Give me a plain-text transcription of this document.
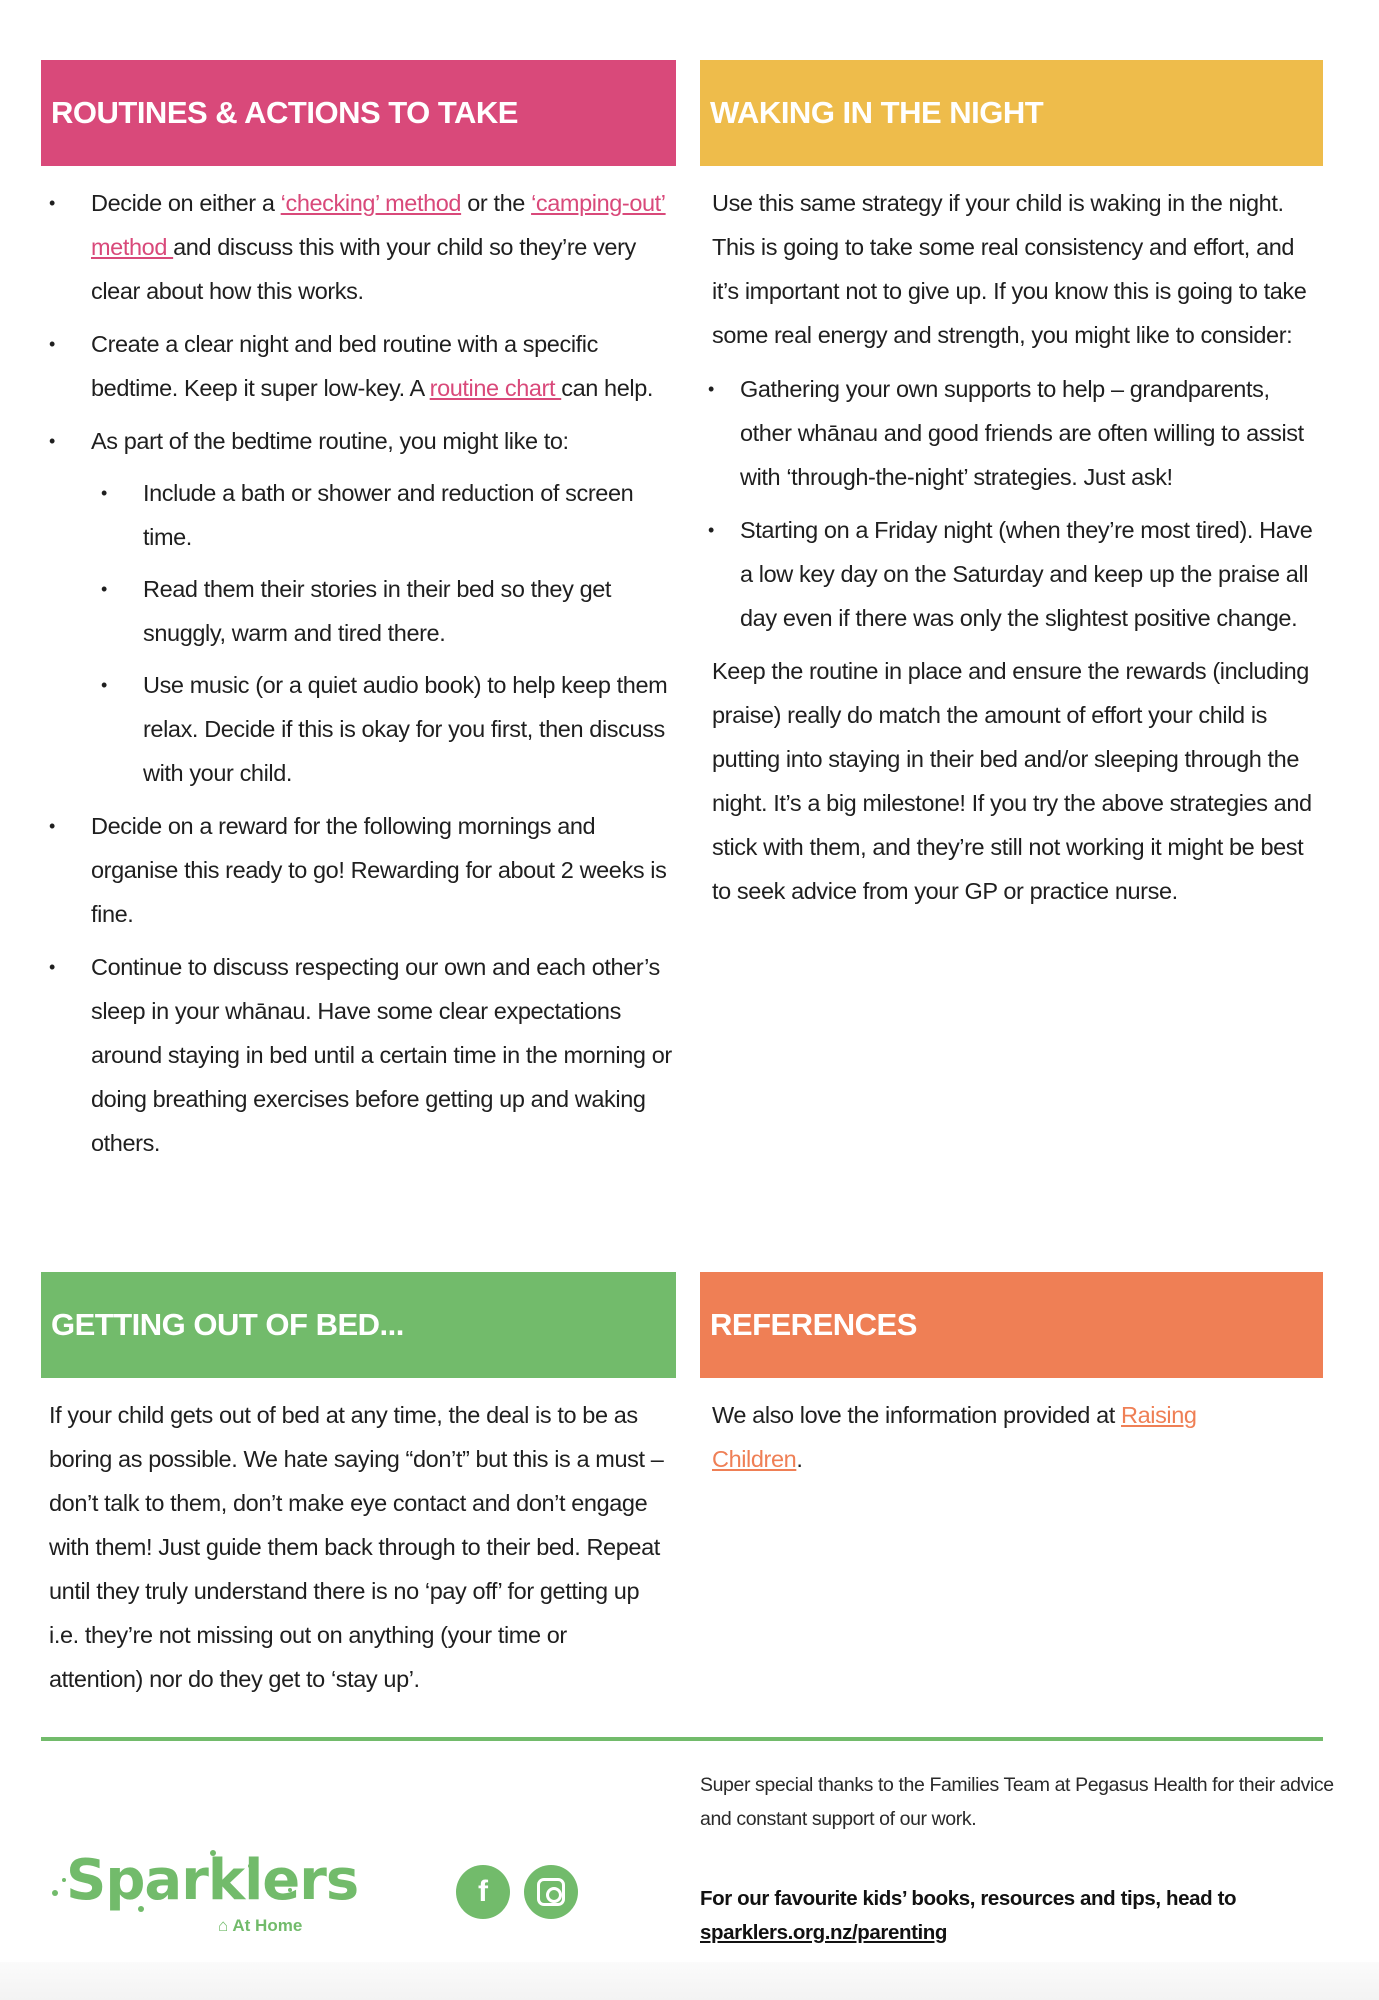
ROUTINES & ACTIONS TO TAKE
• Decide on either a ‘checking’ method or the ‘camping-out’ method and discuss this with your child so they’re very clear about how this works.
• Create a clear night and bed routine with a specific bedtime. Keep it super low-key. A routine chart can help.
• As part of the bedtime routine, you might like to:
• Include a bath or shower and reduction of screen time.
• Read them their stories in their bed so they get snuggly, warm and tired there.
• Use music (or a quiet audio book) to help keep them relax. Decide if this is okay for you first, then discuss with your child.
• Decide on a reward for the following mornings and organise this ready to go! Rewarding for about 2 weeks is fine.
• Continue to discuss respecting our own and each other’s sleep in your whānau. Have some clear expectations around staying in bed until a certain time in the morning or doing breathing exercises before getting up and waking others.
WAKING IN THE NIGHT

Use this same strategy if your child is waking in the night. This is going to take some real consistency and effort, and it’s important not to give up. If you know this is going to take some real energy and strength, you might like to consider:

• Gathering your own supports to help – grandparents, other whānau and good friends are often willing to assist with ‘through-the-night’ strategies. Just ask!
• Starting on a Friday night (when they’re most tired). Have a low key day on the Saturday and keep up the praise all day even if there was only the slightest positive change.

Keep the routine in place and ensure the rewards (including praise) really do match the amount of effort your child is putting into staying in their bed and/or sleeping through the night. It’s a big milestone! If you try the above strategies and stick with them, and they’re still not working it might be best to seek advice from your GP or practice nurse.

GETTING OUT OF BED...

If your child gets out of bed at any time, the deal is to be as boring as possible. We hate saying “don’t” but this is a must – don’t talk to them, don’t make eye contact and don’t engage with them! Just guide them back through to their bed. Repeat until they truly understand there is no ‘pay off’ for getting up i.e. they’re not missing out on anything (your time or attention) nor do they get to ‘stay up’.

REFERENCES

We also love the information provided at Raising Children.

Sparklers
⌂ At Home
f

Super special thanks to the Families Team at Pegasus Health for their advice and constant support of our work.

For our favourite kids’ books, resources and tips, head to
sparklers.org.nz/parenting
